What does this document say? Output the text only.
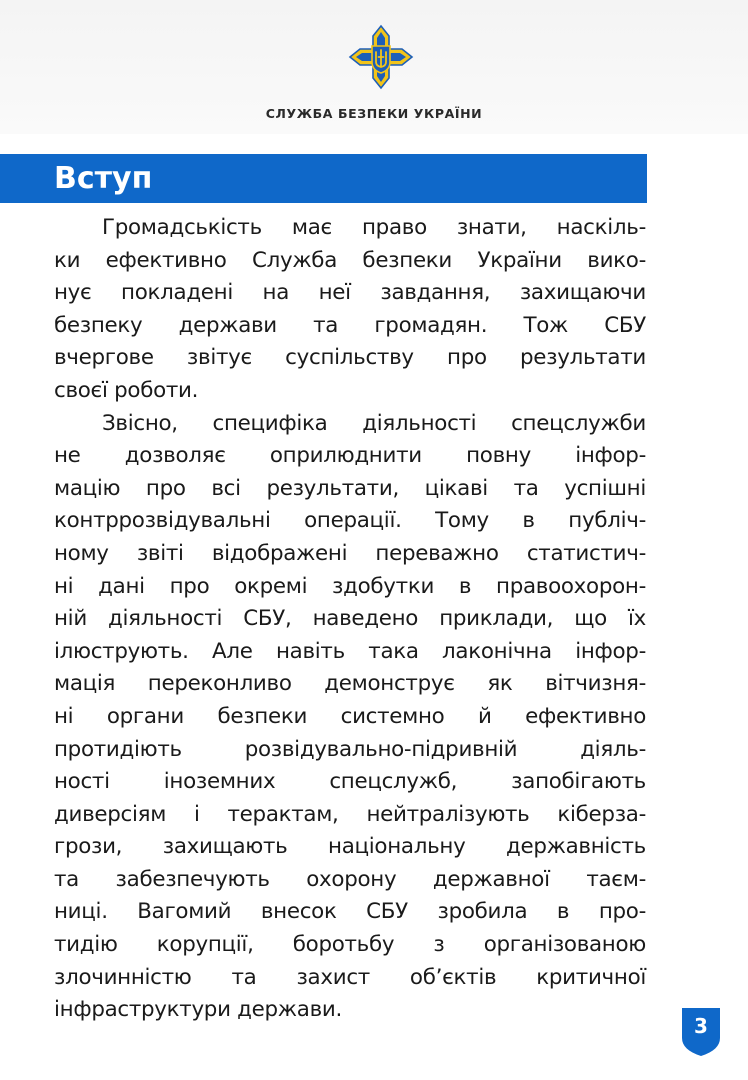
СЛУЖБА БЕЗПЕКИ УКРАЇНИ
Вступ
Громадськість має право знати, наскіль-
ки ефективно Служба безпеки України вико-
нує покладені на неї завдання, захищаючи
безпеку держави та громадян. Тож СБУ
вчергове звітує суспільству про результати
своєї роботи.
Звісно, специфіка діяльності спецслужби
не дозволяє оприлюднити повну інфор-
мацію про всі результати, цікаві та успішні
контррозвідувальні операції. Тому в публіч-
ному звіті відображені переважно статистич-
ні дані про окремі здобутки в правоохорон-
ній діяльності СБУ, наведено приклади, що їх
ілюструють. Але навіть така лаконічна інфор-
мація переконливо демонструє як вітчизня-
ні органи безпеки системно й ефективно
протидіють розвідувально-підривній діяль-
ності іноземних спецслужб, запобігають
диверсіям і терактам, нейтралізують кіберза-
грози, захищають національну державність
та забезпечують охорону державної таєм-
ниці. Вагомий внесок СБУ зробила в про-
тидію корупції, боротьбу з організованою
злочинністю та захист об’єктів критичної
інфраструктури держави.
3
